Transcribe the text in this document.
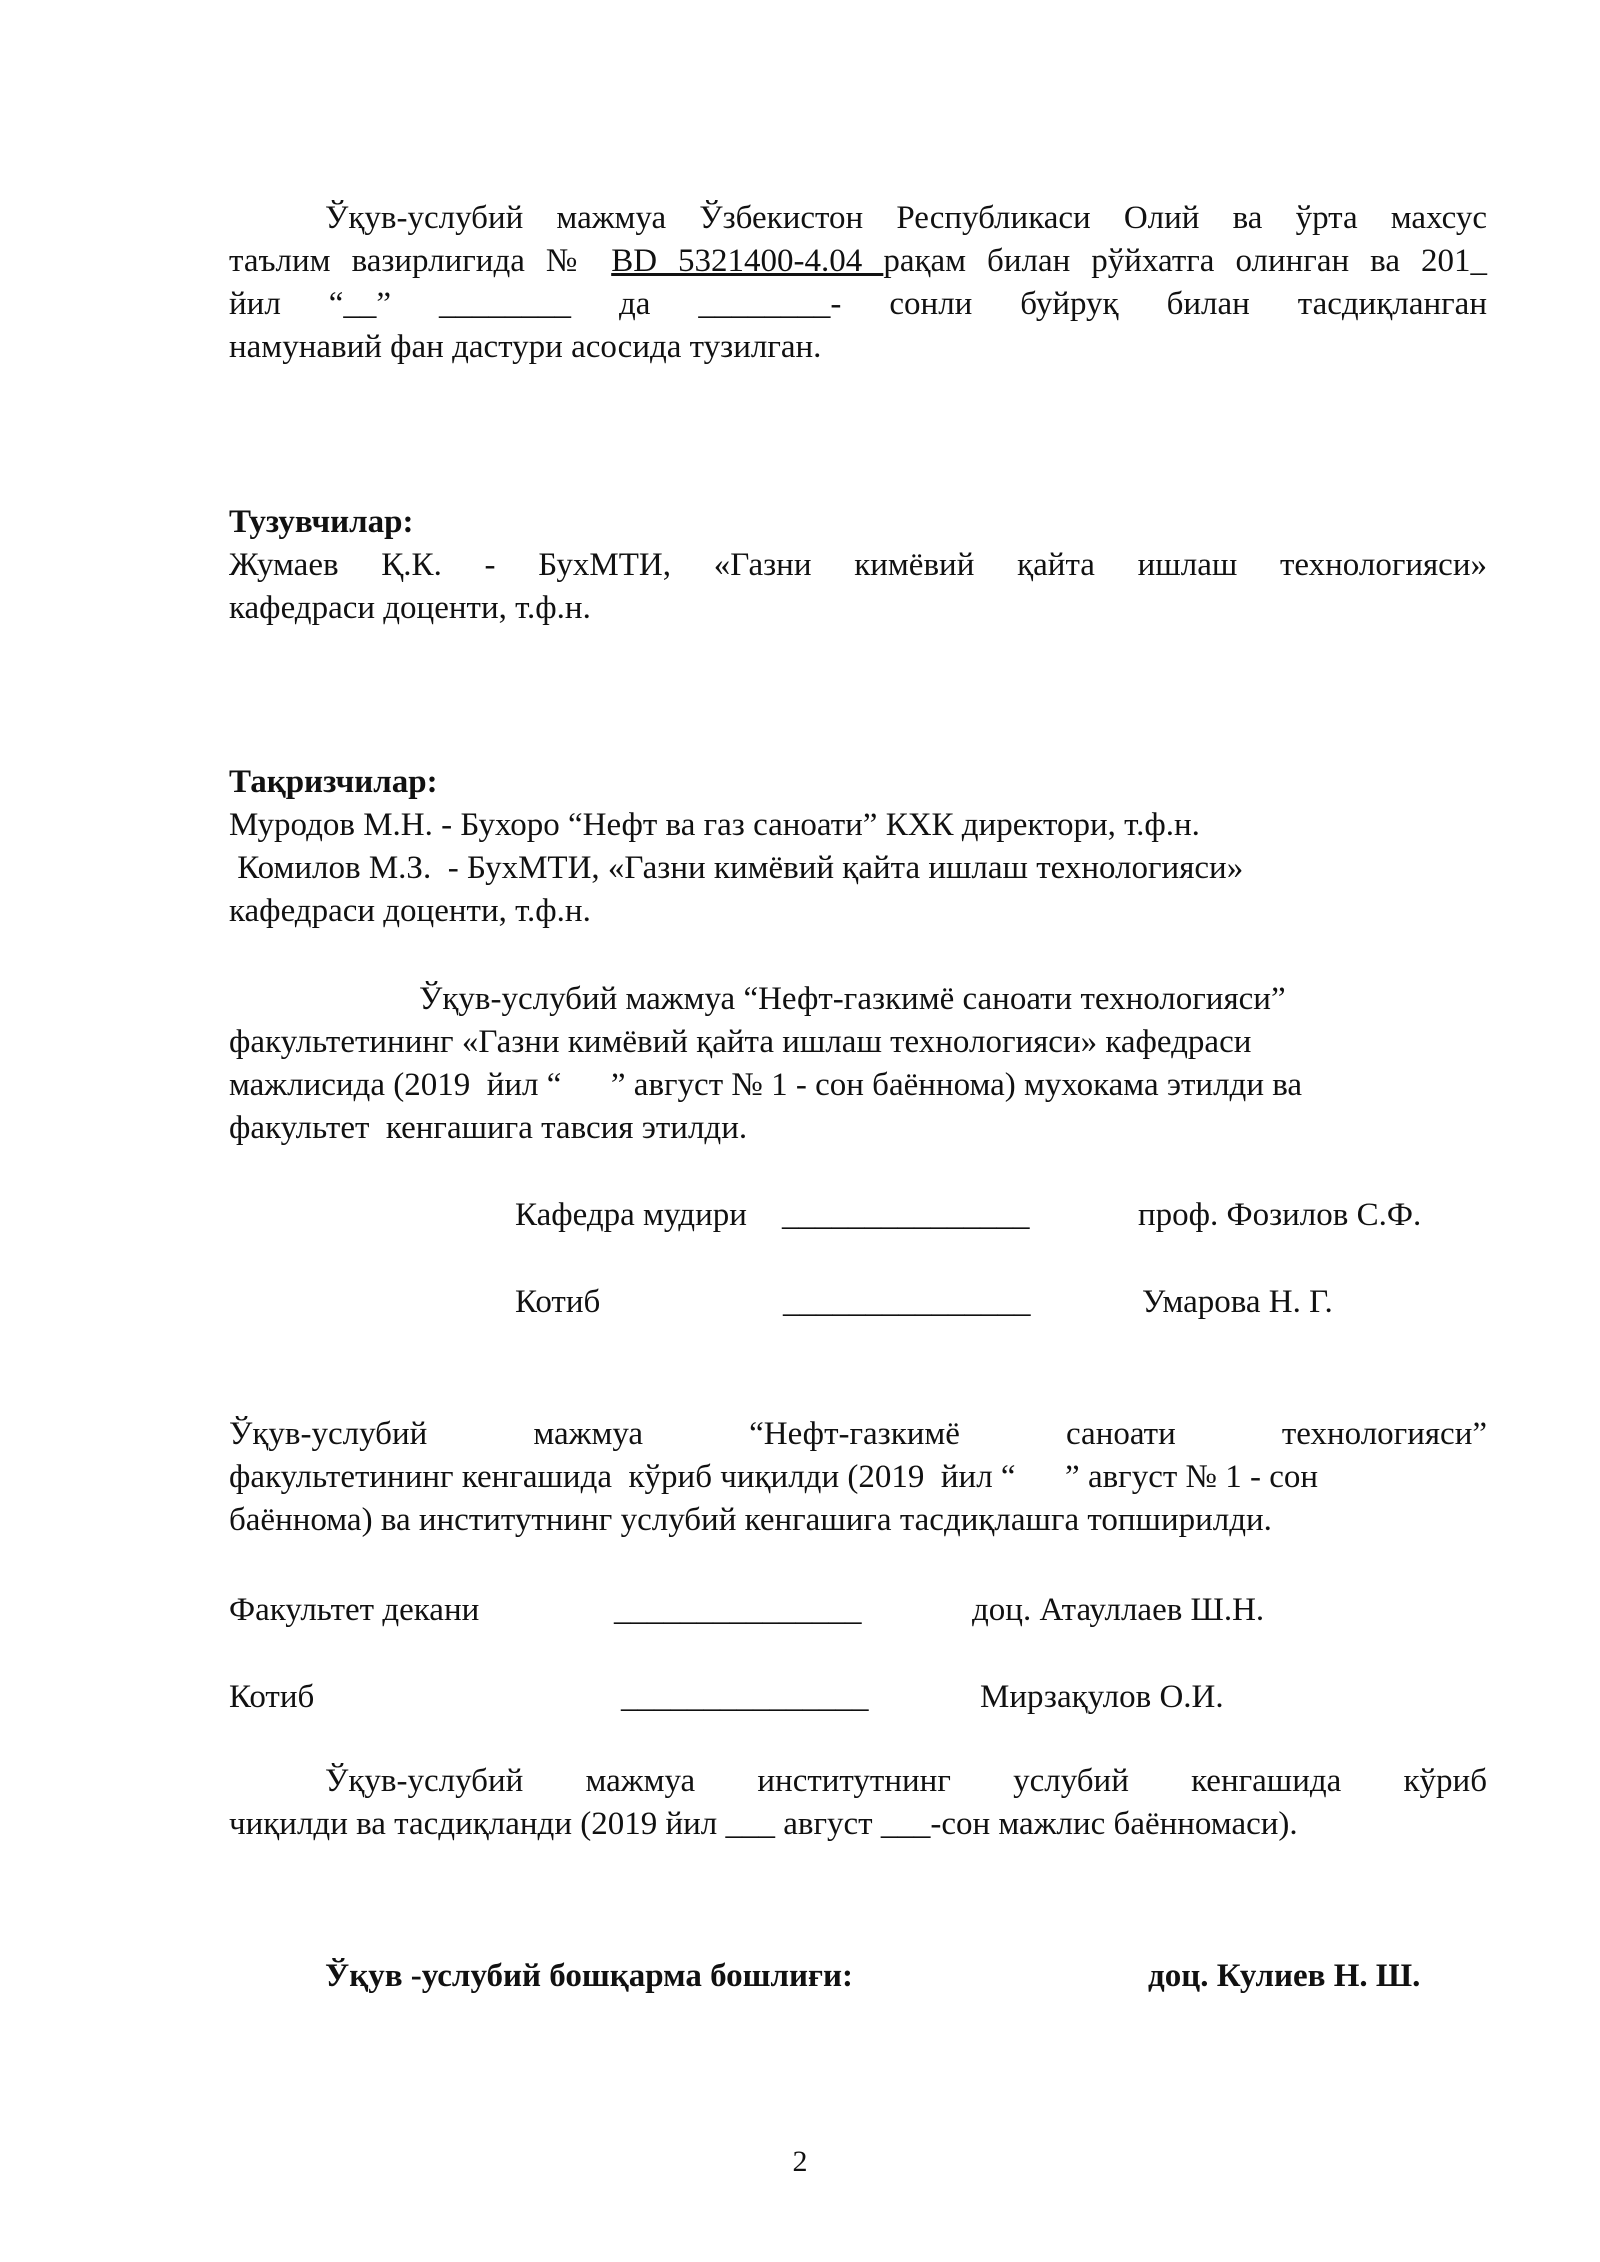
Ўқув-услубий мажмуа Ўзбекистон Республикаси Олий ва ўрта махсус
таълим вазирлигида № BD 5321400-4.04 рақам билан рўйхатга олинган ва 201_
йил “__” ________ да ________- сонли буйруқ билан тасдиқланган
намунавий фан дастури асосида тузилган.
Тузувчилар:
Жумаев Қ.К. - БухМТИ, «Газни кимёвий қайта ишлаш технологияси»
кафедраси доценти, т.ф.н.
Тақризчилар:
Муродов М.Н. - Бухоро “Нефт ва газ саноати” КХК директори, т.ф.н.
Комилов М.З.  - БухМТИ, «Газни кимёвий қайта ишлаш технологияси»
кафедраси доценти, т.ф.н.
Ўқув-услубий мажмуа “Нефт-газкимё саноати технологияси”
факультетининг «Газни кимёвий қайта ишлаш технологияси» кафедраси
мажлисида (2019  йил “      ” август № 1 - сон баённома) мухокама этилди ва
факультет  кенгашига тавсия этилди.
Кафедра мудири _______________	проф. Фозилов С.Ф.
Котиб	_______________	Умарова Н. Г.
Ўқув-услубий мажмуа “Нефт-газкимё саноати технологияси”
факультетининг кенгашида  кўриб чиқилди (2019  йил “      ” август № 1 - сон
баённома) ва институтнинг услубий кенгашига тасдиқлашга топширилди.
Факультет декани	_______________	доц. Атауллаев Ш.Н.
Котиб	_______________	Мирзақулов О.И.
Ўқув-услубий мажмуа институтнинг услубий кенгашида кўриб
чиқилди ва тасдиқланди (2019 йил ___ август ___-сон мажлис баённомаси).
Ўқув -услубий бошқарма бошлиғи:	доц. Кулиев Н. Ш.
2
